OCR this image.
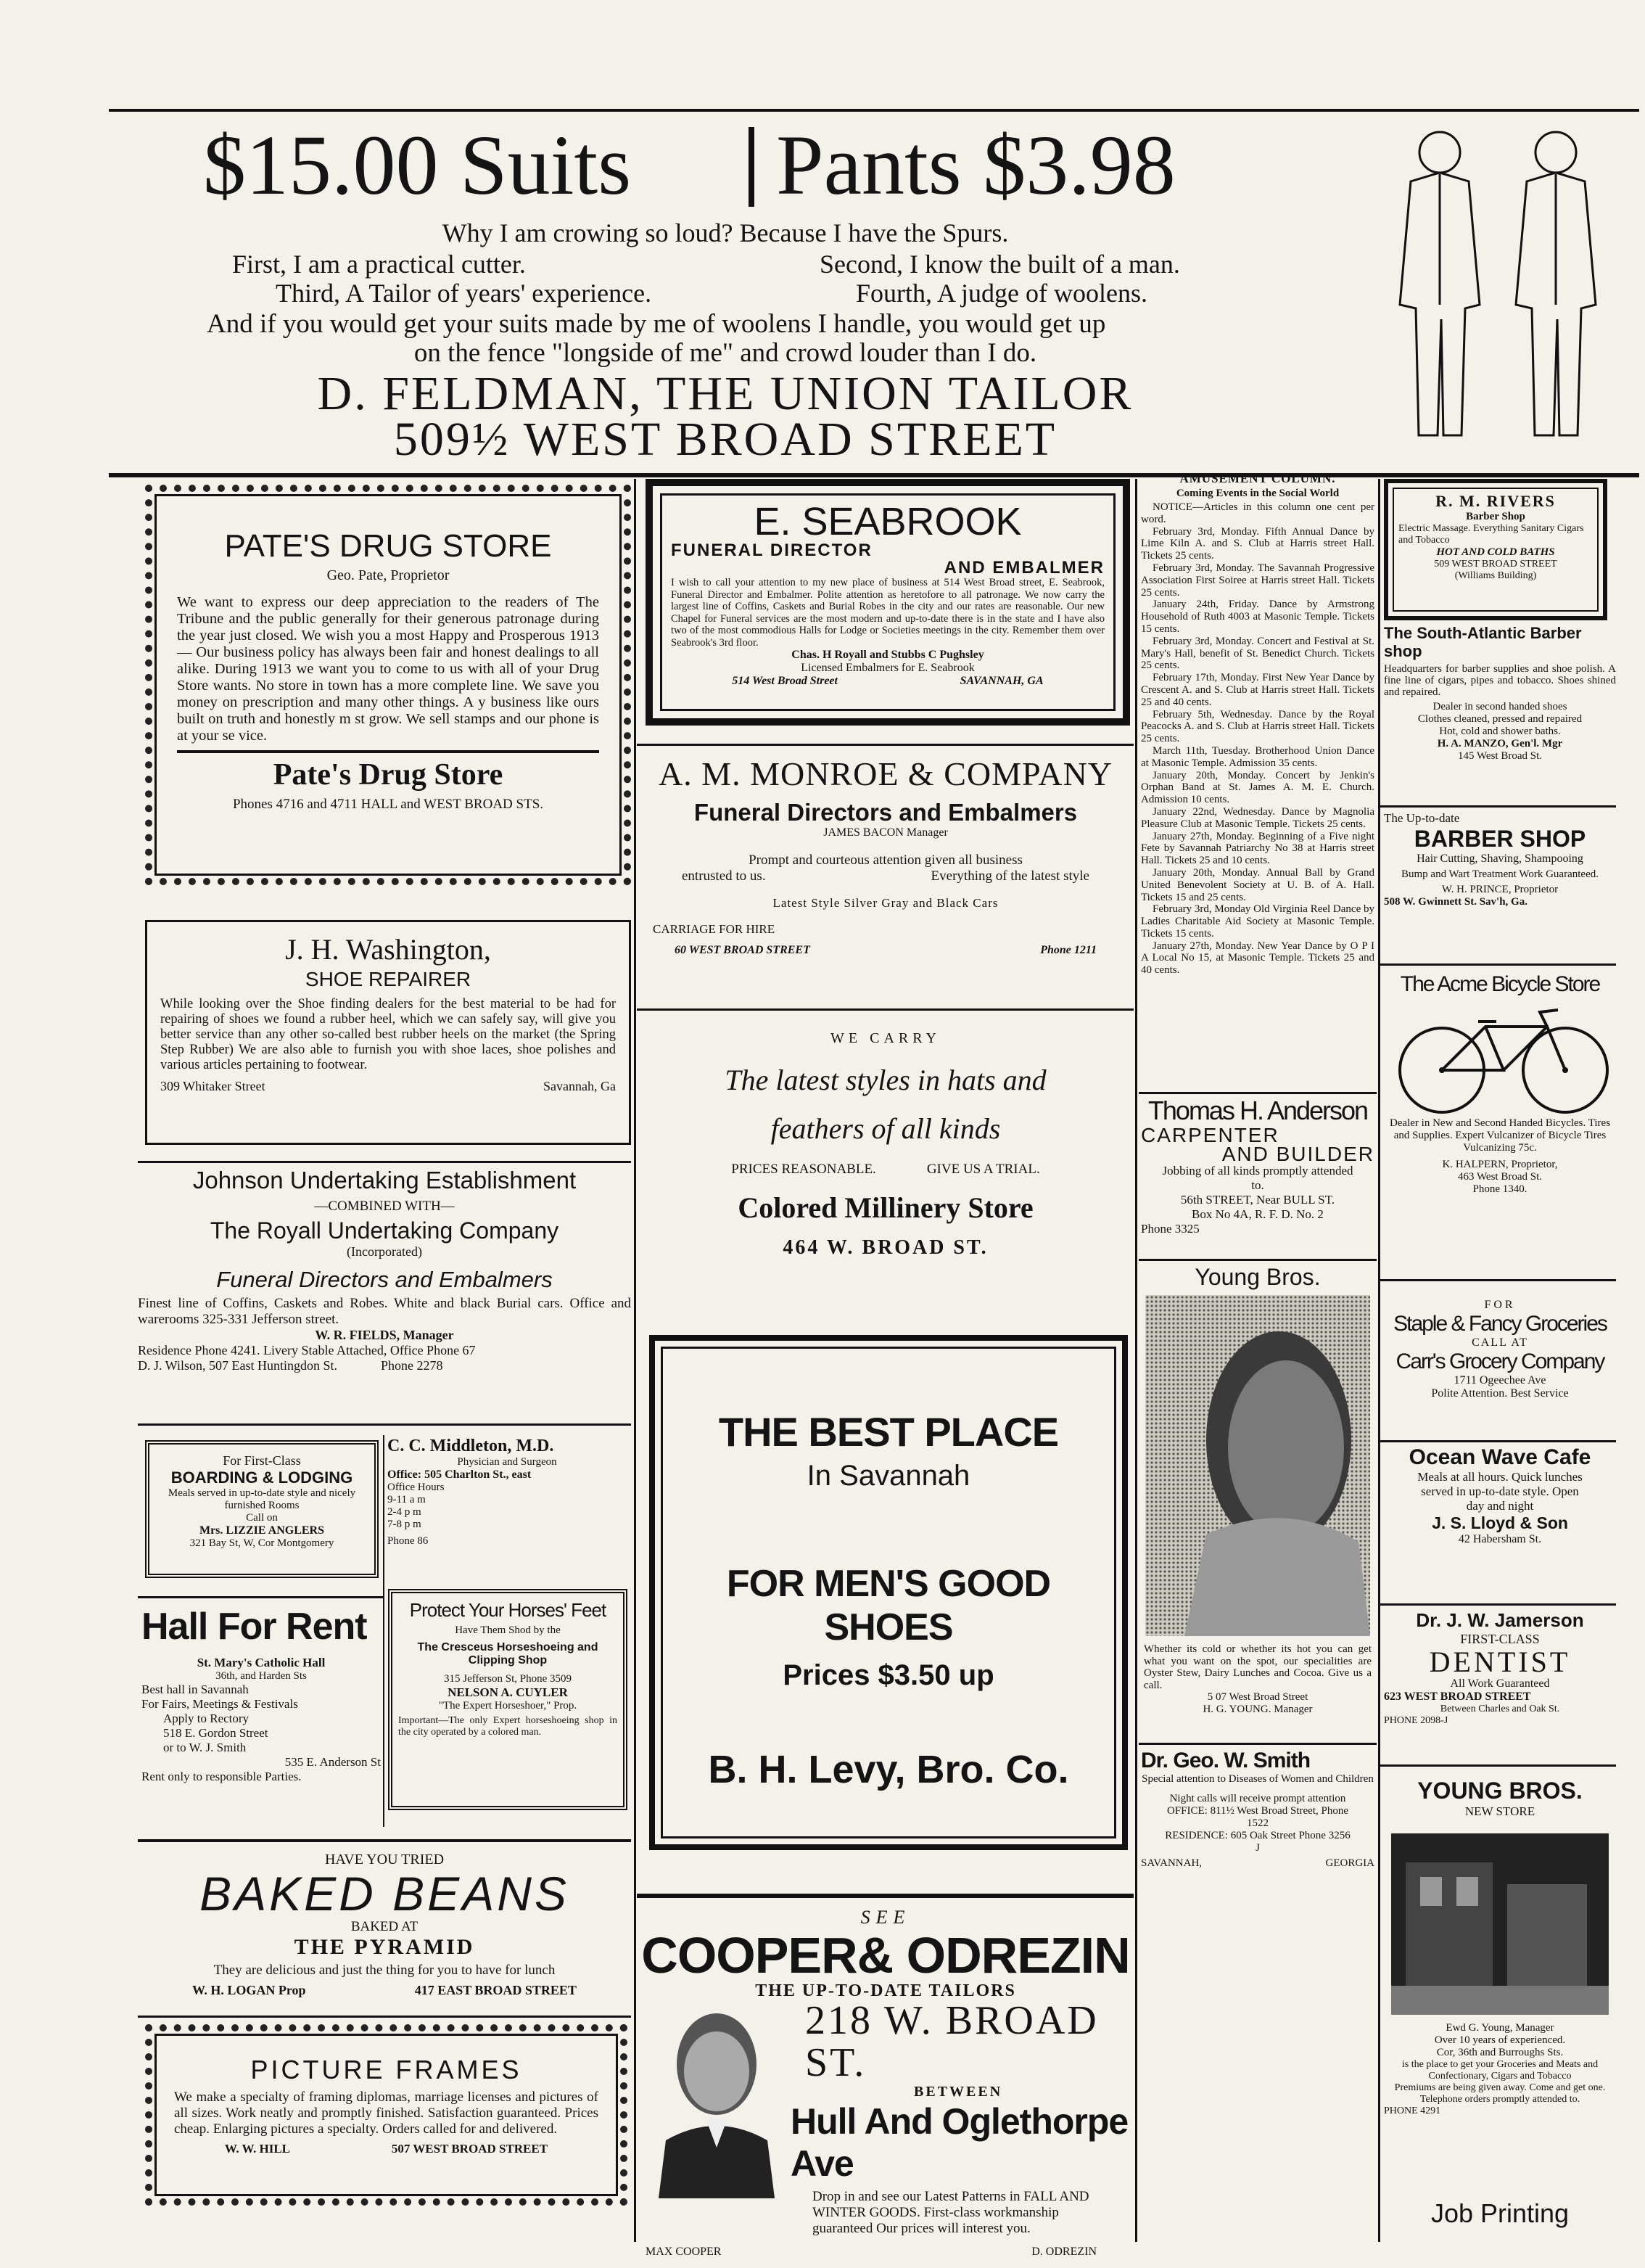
$15.00 Suits Pants $3.98
Why I am crowing so loud? Because I have the Spurs.
First, I am a practical cutter.	Second, I know the built of a man.
Third, A Tailor of years' experience.	Fourth, A judge of woolens.
And if you would get your suits made by me of woolens I handle, you would get up
on the fence "longside of me" and crowd louder than I do.
D. FELDMAN, THE UNION TAILOR
509½ WEST BROAD STREET
PATE'S DRUG STORE
Geo. Pate, Proprietor

We want to express our deep appreciation to the readers of The Tribune and the public generally for their generous patronage during the year just closed. We wish you a most Happy and Prosperous 1913— Our business policy has always been fair and honest dealings to all alike. During 1913 we want you to come to us with all of your Drug Store wants. No store in town has a more complete line. We save you money on prescription and many other things. A y business like ours built on truth and honestly m st grow. We sell stamps and our phone is at your se vice.

Pate's Drug Store
Phones 4716 and 4711 HALL and WEST BROAD STS.
J. H. Washington,
SHOE REPAIRER

While looking over the Shoe finding dealers for the best material to be had for repairing of shoes we found a rubber heel, which we can safely say, will give you better service than any other so-called best rubber heels on the market (the Spring Step Rubber) We are also able to furnish you with shoe laces, shoe polishes and various articles pertaining to footwear.

309 Whitaker Street	Savannah, Ga
Johnson Undertaking Establishment
—COMBINED WITH—
The Royall Undertaking Company
(Incorporated)
Funeral Directors and Embalmers

Finest line of Coffins, Caskets and Robes. White and black Burial cars. Office and warerooms 325-331 Jefferson street.

W. R. FIELDS, Manager
Residence Phone 4241. Livery Stable Attached, Office Phone 67
D. J. Wilson, 507 East Huntingdon St.	Phone 2278
For First-Class
BOARDING & LODGING
Meals served in up-to-date style and nicely furnished Rooms
Call on
Mrs. LIZZIE ANGLERS
321 Bay St, W, Cor Montgomery
C. C. Middleton, M.D.
Physician and Surgeon
Office: 505 Charlton St., east
Office Hours
9-11 a m
2-4 p m
7-8 p m
Phone 86
Hall For Rent
St. Mary's Catholic Hall
36th, and Harden Sts
Best hall in Savannah
For Fairs, Meetings & Festivals
Apply to Rectory
518 E. Gordon Street
or to W. J. Smith
535 E. Anderson St
Rent only to responsible Parties.
Protect Your Horses' Feet
Have Them Shod by the
The Cresceus Horseshoeing and Clipping Shop
315 Jefferson St, Phone 3509
NELSON A. CUYLER
"The Expert Horseshoer," Prop.
Important—The only Expert horseshoeing shop in the city operated by a colored man.
HAVE YOU TRIED
BAKED BEANS
BAKED AT
THE PYRAMID
They are delicious and just the thing for you to have for lunch
W. H. LOGAN Prop	417 EAST BROAD STREET
PICTURE FRAMES

We make a specialty of framing diplomas, marriage licenses and pictures of all sizes. Work neatly and promptly finished. Satisfaction guaranteed. Prices cheap. Enlarging pictures a specialty. Orders called for and delivered.

W. W. HILL	507 WEST BROAD STREET
E. SEABROOK
FUNERAL DIRECTOR
AND EMBALMER

I wish to call your attention to my new place of business at 514 West Broad street, E. Seabrook, Funeral Director and Embalmer. Polite attention as heretofore to all patronage. We now carry the largest line of Coffins, Caskets and Burial Robes in the city and our rates are reasonable. Our new Chapel for Funeral services are the most modern and up-to-date there is in the state and I have also two of the most commodious Halls for Lodge or Societies meetings in the city. Remember them over Seabrook's 3rd floor.

Chas. H Royall and Stubbs C Pughsley
Licensed Embalmers for E. Seabrook
514 West Broad Street	SAVANNAH, GA
A. M. MONROE & COMPANY
Funeral Directors and Embalmers
JAMES BACON Manager
Prompt and courteous attention given all business
entrusted to us.	Everything of the latest style
Latest Style Silver Gray and Black Cars
CARRIAGE FOR HIRE
60 WEST BROAD STREET	Phone 1211
WE CARRY
The latest styles in hats and
feathers of all kinds
PRICES REASONABLE.	GIVE US A TRIAL.
Colored Millinery Store
464 W. BROAD ST.
THE BEST PLACE
In Savannah
FOR MEN'S GOOD SHOES
Prices $3.50 up
B. H. Levy, Bro. Co.
SEE
COOPER& ODREZIN
THE UP-TO-DATE TAILORS
218 W. BROAD ST.
BETWEEN
Hull And Oglethorpe Ave

Drop in and see our Latest Patterns in FALL AND WINTER GOODS. First-class workmanship guaranteed Our prices will interest you.

MAX COOPER	D. ODREZIN
AMUSEMENT COLUMN.
Coming Events in the Social World

NOTICE—Articles in this column one cent per word.

February 3rd, Monday. Fifth Annual Dance by Lime Kiln A. and S. Club at Harris street Hall. Tickets 25 cents.

February 3rd, Monday. The Savannah Progressive Association First Soiree at Harris street Hall. Tickets 25 cents.

January 24th, Friday. Dance by Armstrong Household of Ruth 4003 at Masonic Temple. Tickets 15 cents.

February 3rd, Monday. Concert and Festival at St. Mary's Hall, benefit of St. Benedict Church. Tickets 25 cents.

February 17th, Monday. First New Year Dance by Crescent A. and S. Club at Harris street Hall. Tickets 25 and 40 cents.

February 5th, Wednesday. Dance by the Royal Peacocks A. and S. Club at Harris street Hall. Tickets 25 cents.

March 11th, Tuesday. Brotherhood Union Dance at Masonic Temple. Admission 35 cents.

January 20th, Monday. Concert by Jenkin's Orphan Band at St. James A. M. E. Church. Admission 10 cents.

January 22nd, Wednesday. Dance by Magnolia Pleasure Club at Masonic Temple. Tickets 25 cents.

January 27th, Monday. Beginning of a Five night Fete by Savannah Patriarchy No 38 at Harris street Hall. Tickets 25 and 10 cents.

January 20th, Monday. Annual Ball by Grand United Benevolent Society at U. B. of A. Hall. Tickets 15 and 25 cents.

February 3rd, Monday Old Virginia Reel Dance by Ladies Charitable Aid Society at Masonic Temple. Tickets 15 cents.

January 27th, Monday. New Year Dance by O P I A Local No 15, at Masonic Temple. Tickets 25 and 40 cents.

Thomas H. Anderson
CARPENTER
AND BUILDER
Jobbing of all kinds promptly attended to.
56th STREET, Near BULL ST.
Box No 4A, R. F. D. No. 2
Phone 3325
Young Bros.

Whether its cold or whether its hot you can get what you want on the spot, our specialities are Oyster Stew, Dairy Lunches and Cocoa. Give us a call.

5 07 West Broad Street
H. G. YOUNG. Manager
Dr. Geo. W. Smith
Special attention to Diseases of Women and Children
Night calls will receive prompt attention
OFFICE: 811½ West Broad Street, Phone 1522
RESIDENCE: 605 Oak Street Phone 3256 J
SAVANNAH,	GEORGIA
R. M. RIVERS
Barber Shop
Electric Massage. Everything Sanitary Cigars and Tobacco
HOT AND COLD BATHS
509 WEST BROAD STREET
(Williams Building)
The South-Atlantic Barber shop

Headquarters for barber supplies and shoe polish. A fine line of cigars, pipes and tobacco. Shoes shined and repaired.

Dealer in second handed shoes
Clothes cleaned, pressed and repaired
Hot, cold and shower baths.
H. A. MANZO, Gen'l. Mgr
145 West Broad St.
The Up-to-date
BARBER SHOP
Hair Cutting, Shaving, Shampooing
Bump and Wart Treatment Work Guaranteed.
W. H. PRINCE, Proprietor
508 W. Gwinnett St. Sav'h, Ga.
The Acme Bicycle Store
Dealer in New and Second Handed Bicycles. Tires and Supplies. Expert Vulcanizer of Bicycle Tires
Vulcanizing 75c.
K. HALPERN, Proprietor,
463 West Broad St.
Phone 1340.
FOR
Staple & Fancy Groceries
CALL AT
Carr's Grocery Company
1711 Ogeechee Ave
Polite Attention. Best Service
Ocean Wave Cafe
Meals at all hours. Quick lunches served in up-to-date style. Open day and night
J. S. Lloyd & Son
42 Habersham St.
Dr. J. W. Jamerson
FIRST-CLASS
DENTIST
All Work Guaranteed
623 WEST BROAD STREET
Between Charles and Oak St.
PHONE 2098-J
YOUNG BROS.
NEW STORE
Ewd G. Young, Manager
Over 10 years of experienced.
Cor, 36th and Burroughs Sts.
is the place to get your Groceries and Meats and Confectionary, Cigars and Tobacco
Premiums are being given away. Come and get one. Telephone orders promptly attended to.
PHONE 4291
Job Printing
